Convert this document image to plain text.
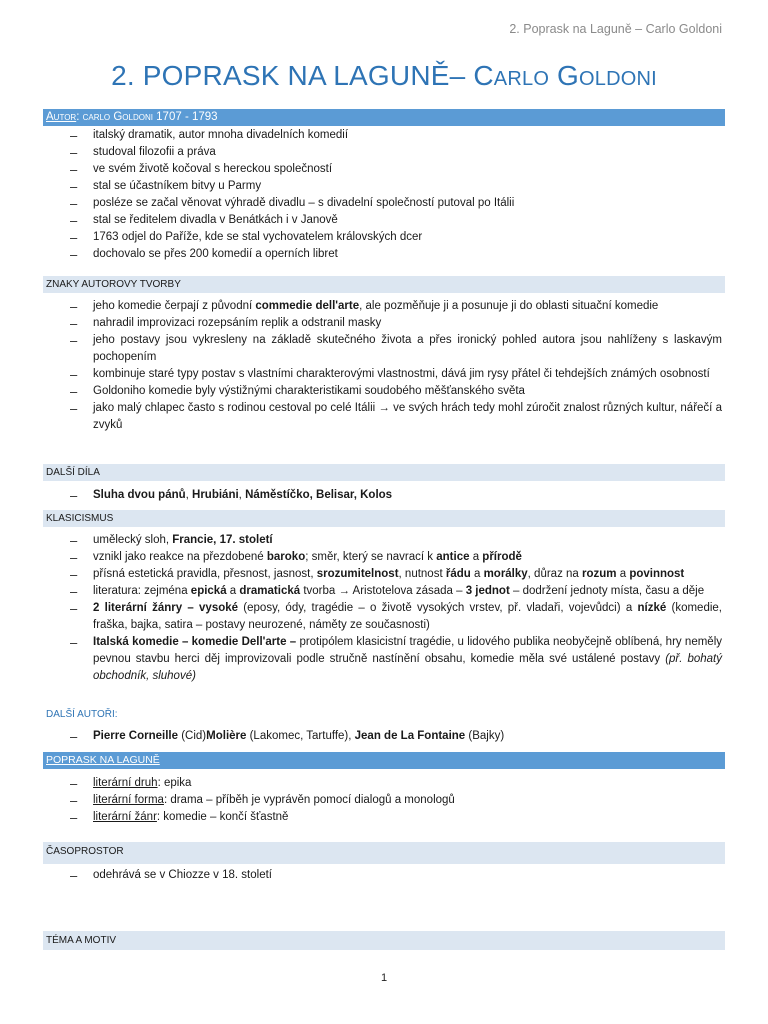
2. Poprask na Laguně – Carlo Goldoni
2. POPRASK NA LAGUNĚ– Carlo Goldoni
Autor: carlo Goldoni 1707 - 1793
– italský dramatik, autor mnoha divadelních komedií
– studoval filozofii a práva
– ve svém životě kočoval s hereckou společností
– stal se účastníkem bitvy u Parmy
– posléze se začal věnovat výhradě divadlu – s divadelní společností putoval po Itálii
– stal se ředitelem divadla v Benátkách i v Janově
– 1763 odjel do Paříže, kde se stal vychovatelem královských dcer
– dochovalo se přes 200 komedií a operních libret
ZNAKY AUTOROVY TVORBY
– jeho komedie čerpají z původní commedie dell'arte, ale pozměňuje ji a posunuje ji do oblasti situační komedie
– nahradil improvizaci rozepsáním replik a odstranil masky
– jeho postavy jsou vykresleny na základě skutečného života a přes ironický pohled autora jsou nahlíženy s laskavým pochopením
– kombinuje staré typy postav s vlastními charakterovými vlastnostmi, dává jim rysy přátel či tehdejších známých osobností
– Goldoniho komedie byly výstižnými charakteristikami soudobého měšťanského světa
– jako malý chlapec často s rodinou cestoval po celé Itálii → ve svých hrách tedy mohl zúročit znalost různých kultur, nářečí a zvyků
DALŠÍ DÍLA
– Sluha dvou pánů, Hrubiáni, Náměstíčko, Belisar, Kolos
KLASICISMUS
– umělecký sloh, Francie, 17. století
– vznikl jako reakce na přezdobené baroko; směr, který se navrací k antice a přírodě
– přísná estetická pravidla, přesnost, jasnost, srozumitelnost, nutnost řádu a morálky, důraz na rozum a povinnost
– literatura: zejména epická a dramatická tvorba → Aristotelova zásada – 3 jednot – dodržení jednoty místa, času a děje
– 2 literární žánry – vysoké (eposy, ódy, tragédie – o životě vysokých vrstev, př. vladaři, vojevůdci) a nízké (komedie, fraška, bajka, satira – postavy neurozené, náměty ze současnosti)
– Italská komedie – komedie Dell'arte – protipólem klasicistní tragédie, u lidového publika neobyčejně oblíbená, hry neměly pevnou stavbu herci děj improvizovali podle stručně nastínění obsahu, komedie měla své ustálené postavy (př. bohatý obchodník, sluhové)
DALŠÍ AUTOŘI:
– Pierre Corneille (Cid)Molière (Lakomec, Tartuffe), Jean de La Fontaine (Bajky)
POPRASK NA LAGUNĚ
– literární druh: epika
– literární forma: drama – příběh je vyprávěn pomocí dialogů a monologů
– literární žánr: komedie – končí šťastně
ČASOPROSTOR
– odehrává se v Chiozze v 18. století
TÉMA A MOTIV
1
